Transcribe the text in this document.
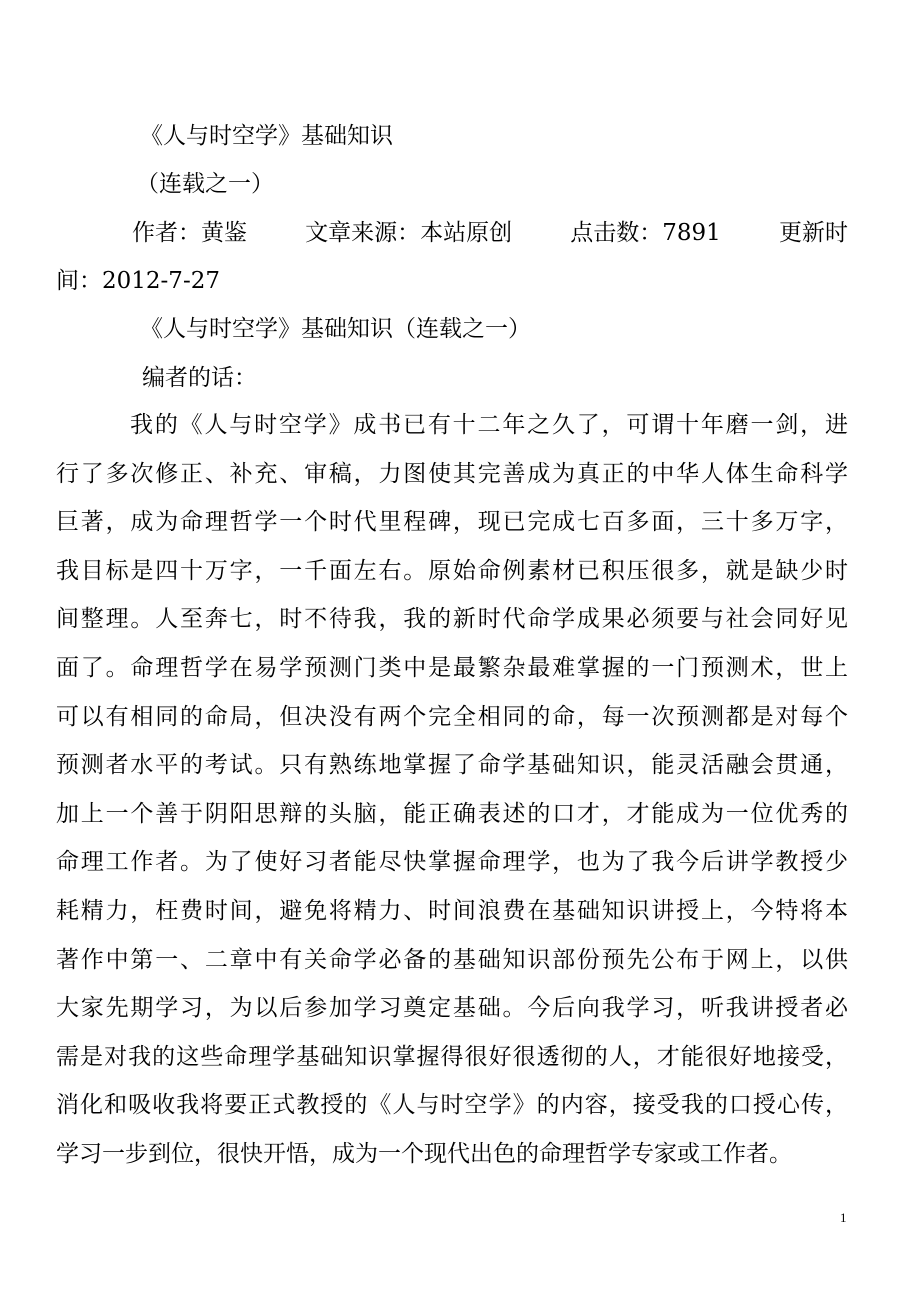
《人与时空学》基础知识
（连载之一）
作者：黄鉴	文章来源：本站原创	点击数：7891	更新时
间：2012-7-27
《人与时空学》基础知识（连载之一）
编者的话：
我的《人与时空学》成书已有十二年之久了，可谓十年磨一剑，进
行了多次修正、补充、审稿，力图使其完善成为真正的中华人体生命科学
巨著，成为命理哲学一个时代里程碑，现已完成七百多面，三十多万字，
我目标是四十万字，一千面左右。原始命例素材已积压很多，就是缺少时
间整理。人至奔七，时不待我，我的新时代命学成果必须要与社会同好见
面了。命理哲学在易学预测门类中是最繁杂最难掌握的一门预测术，世上
可以有相同的命局，但决没有两个完全相同的命，每一次预测都是对每个
预测者水平的考试。只有熟练地掌握了命学基础知识，能灵活融会贯通，
加上一个善于阴阳思辩的头脑，能正确表述的口才，才能成为一位优秀的
命理工作者。为了使好习者能尽快掌握命理学，也为了我今后讲学教授少
耗精力，枉费时间，避免将精力、时间浪费在基础知识讲授上，今特将本
著作中第一、二章中有关命学必备的基础知识部份预先公布于网上，以供
大家先期学习，为以后参加学习奠定基础。今后向我学习，听我讲授者必
需是对我的这些命理学基础知识掌握得很好很透彻的人，才能很好地接受，
消化和吸收我将要正式教授的《人与时空学》的内容，接受我的口授心传，
学习一步到位，很快开悟，成为一个现代出色的命理哲学专家或工作者。
1
